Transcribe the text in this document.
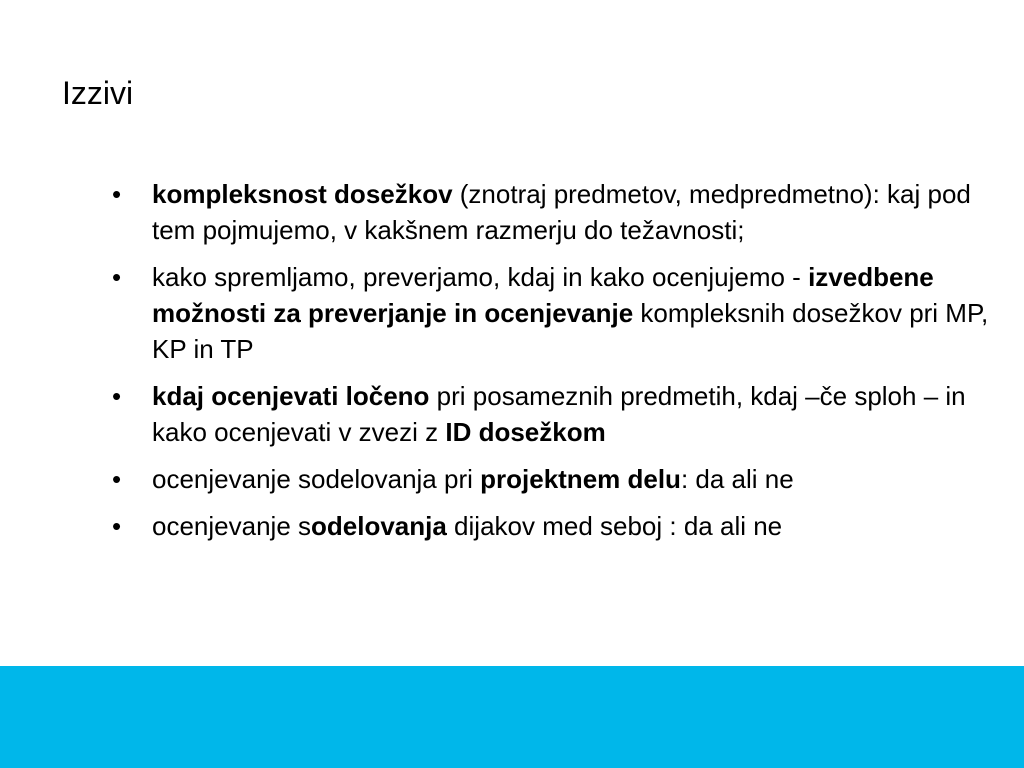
Izzivi
•	kompleksnost dosežkov (znotraj predmetov, medpredmetno): kaj pod tem pojmujemo, v kakšnem razmerju do težavnosti;
•	kako spremljamo, preverjamo, kdaj in kako ocenjujemo - izvedbene možnosti za preverjanje in ocenjevanje kompleksnih dosežkov pri MP, KP in TP
•	kdaj ocenjevati ločeno pri posameznih predmetih, kdaj –če sploh – in kako ocenjevati v zvezi z ID dosežkom
•	ocenjevanje sodelovanja pri projektnem delu: da ali ne
•	ocenjevanje sodelovanja dijakov med seboj : da ali ne
